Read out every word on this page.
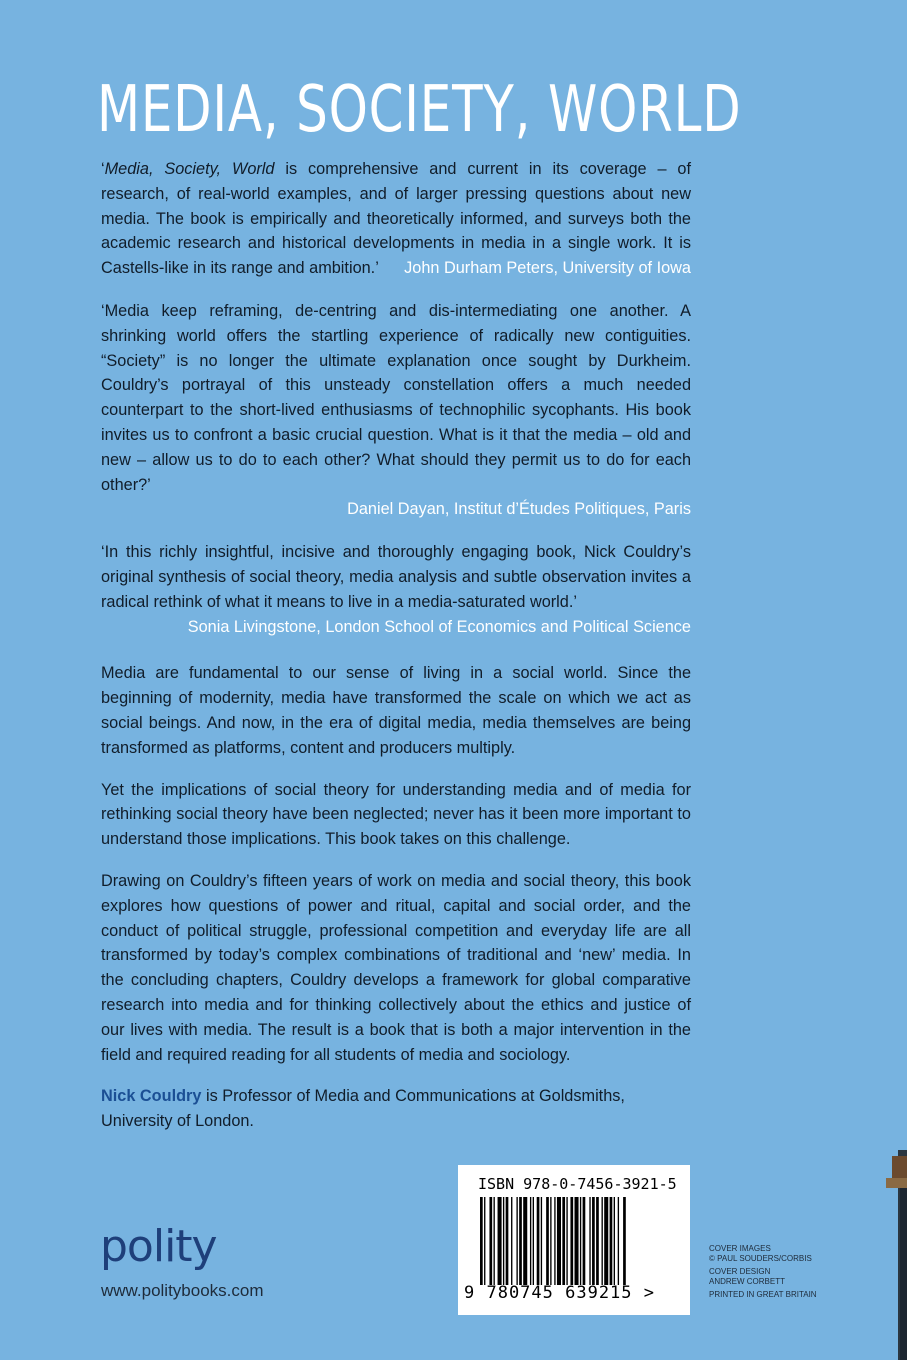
MEDIA, SOCIETY, WORLD
‘Media, Society, World is comprehensive and current in its coverage – of research, of real-world examples, and of larger pressing questions about new media. The book is empirically and theoretically informed, and surveys both the academic research and historical developments in media in a single work. It is Castells-like in its range and ambition.’	John Durham Peters, University of Iowa
‘Media keep reframing, de-centring and dis-intermediating one another. A shrinking world offers the startling experience of radically new contiguities. “Society” is no longer the ultimate explanation once sought by Durkheim. Couldry’s portrayal of this unsteady constellation offers a much needed counterpart to the short-lived enthusiasms of technophilic sycophants. His book invites us to confront a basic crucial question. What is it that the media – old and new – allow us to do to each other? What should they permit us to do for each other?’
Daniel Dayan, Institut d’Études Politiques, Paris
‘In this richly insightful, incisive and thoroughly engaging book, Nick Couldry’s original synthesis of social theory, media analysis and subtle observation invites a radical rethink of what it means to live in a media-saturated world.’
Sonia Livingstone, London School of Economics and Political Science

Media are fundamental to our sense of living in a social world. Since the beginning of modernity, media have transformed the scale on which we act as social beings. And now, in the era of digital media, media themselves are being transformed as platforms, content and producers multiply.

Yet the implications of social theory for understanding media and of media for rethinking social theory have been neglected; never has it been more important to understand those implications. This book takes on this challenge.

Drawing on Couldry’s fifteen years of work on media and social theory, this book explores how questions of power and ritual, capital and social order, and the conduct of political struggle, professional competition and everyday life are all transformed by today’s complex combinations of traditional and ‘new’ media. In the concluding chapters, Couldry develops a framework for global comparative research into media and for thinking collectively about the ethics and justice of our lives with media. The result is a book that is both a major intervention in the field and required reading for all students of media and sociology.

Nick Couldry is Professor of Media and Communications at Goldsmiths, University of London.

polity
www.politybooks.com
ISBN 978-0-7456-3921-5
9 780745 639215 >
COVER IMAGES
© PAUL SOUDERS/CORBIS
COVER DESIGN
ANDREW CORBETT
PRINTED IN GREAT BRITAIN
